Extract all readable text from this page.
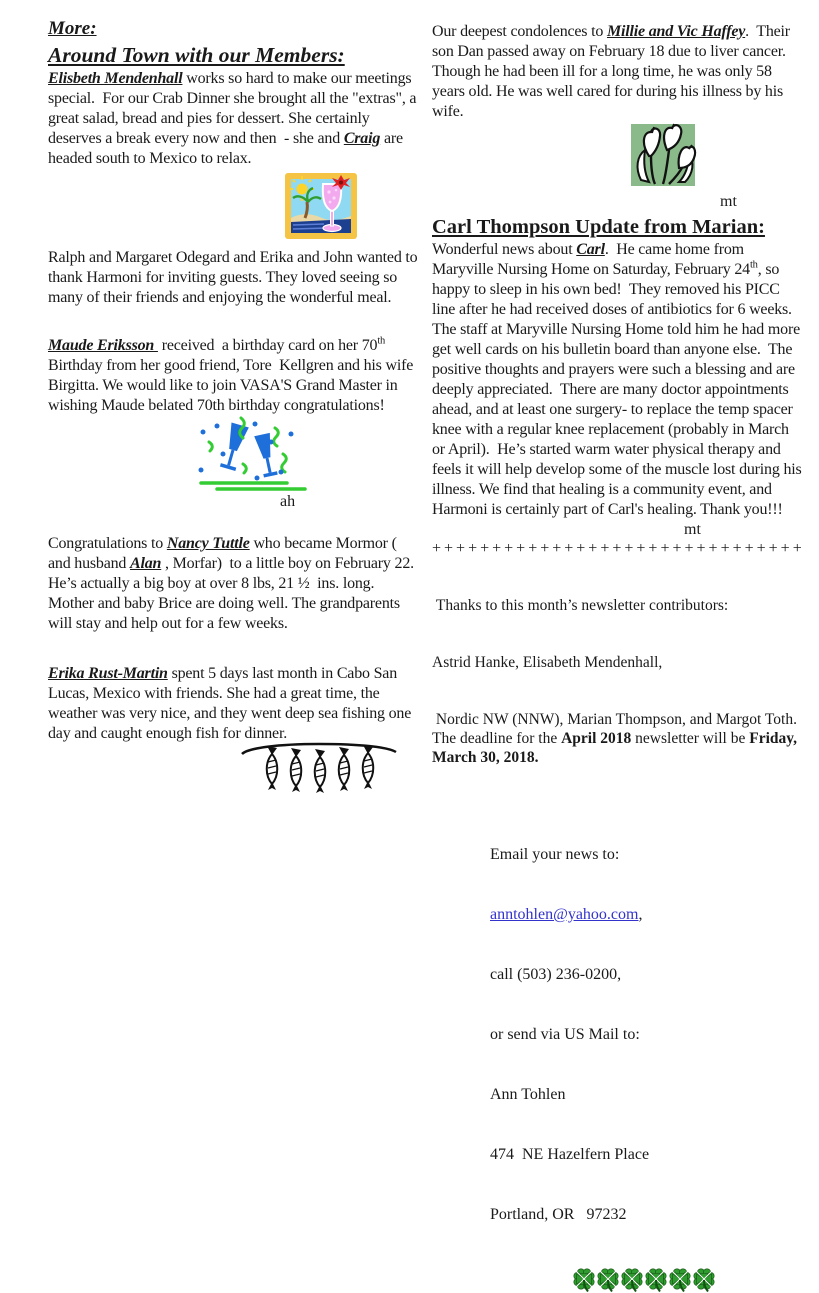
More:
Around Town with our Members:

Elisbeth Mendenhall works so hard to make our meetings special.  For our Crab Dinner she brought all the "extras", a great salad, bread and pies for dessert. She certainly deserves a break every now and then  - she and Craig are headed south to Mexico to relax.

Ralph and Margaret Odegard and Erika and John wanted to thank Harmoni for inviting guests. They loved seeing so many of their friends and enjoying the wonderful meal.

Maude Eriksson  received  a birthday card on her 70th  Birthday from her good friend, Tore  Kellgren and his wife Birgitta. We would like to join VASA'S Grand Master in wishing Maude belated 70th birthday congratulations!

ah

Congratulations to Nancy Tuttle who became Mormor ( and husband Alan , Morfar)  to a little boy on February 22. He’s actually a big boy at over 8 lbs, 21 ½  ins. long. Mother and baby Brice are doing well. The grandparents will stay and help out for a few weeks.

Erika Rust-Martin spent 5 days last month in Cabo San Lucas, Mexico with friends. She had a great time, the weather was very nice, and they went deep sea fishing one day and caught enough fish for dinner.

Our deepest condolences to Millie and Vic Haffey.  Their son Dan passed away on February 18 due to liver cancer. Though he had been ill for a long time, he was only 58 years old. He was well cared for during his illness by his wife.

mt
Carl Thompson Update from Marian:

Wonderful news about Carl.  He came home from Maryville Nursing Home on Saturday, February 24th, so happy to sleep in his own bed!  They removed his PICC line after he had received doses of antibiotics for 6 weeks. The staff at Maryville Nursing Home told him he had more get well cards on his bulletin board than anyone else.  The positive thoughts and prayers were such a blessing and are deeply appreciated.  There are many doctor appointments ahead, and at least one surgery- to replace the temp spacer knee with a regular knee replacement (probably in March or April).  He’s started warm water physical therapy and feels it will help develop some of the muscle lost during his illness. We find that healing is a community event, and Harmoni is certainly part of Carl's healing. Thank you!!!

mt
+++++++++++++++++++++++++++++++

Thanks to this month’s newsletter contributors:

Astrid Hanke, Elisabeth Mendenhall,

Nordic NW (NNW), Marian Thompson, and Margot Toth.  The deadline for the April 2018 newsletter will be Friday, March 30, 2018.

Email your news to:

anntohlen@yahoo.com,

call (503) 236-0200,

or send via US Mail to:

Ann Tohlen

474  NE Hazelfern Place

Portland, OR   97232
